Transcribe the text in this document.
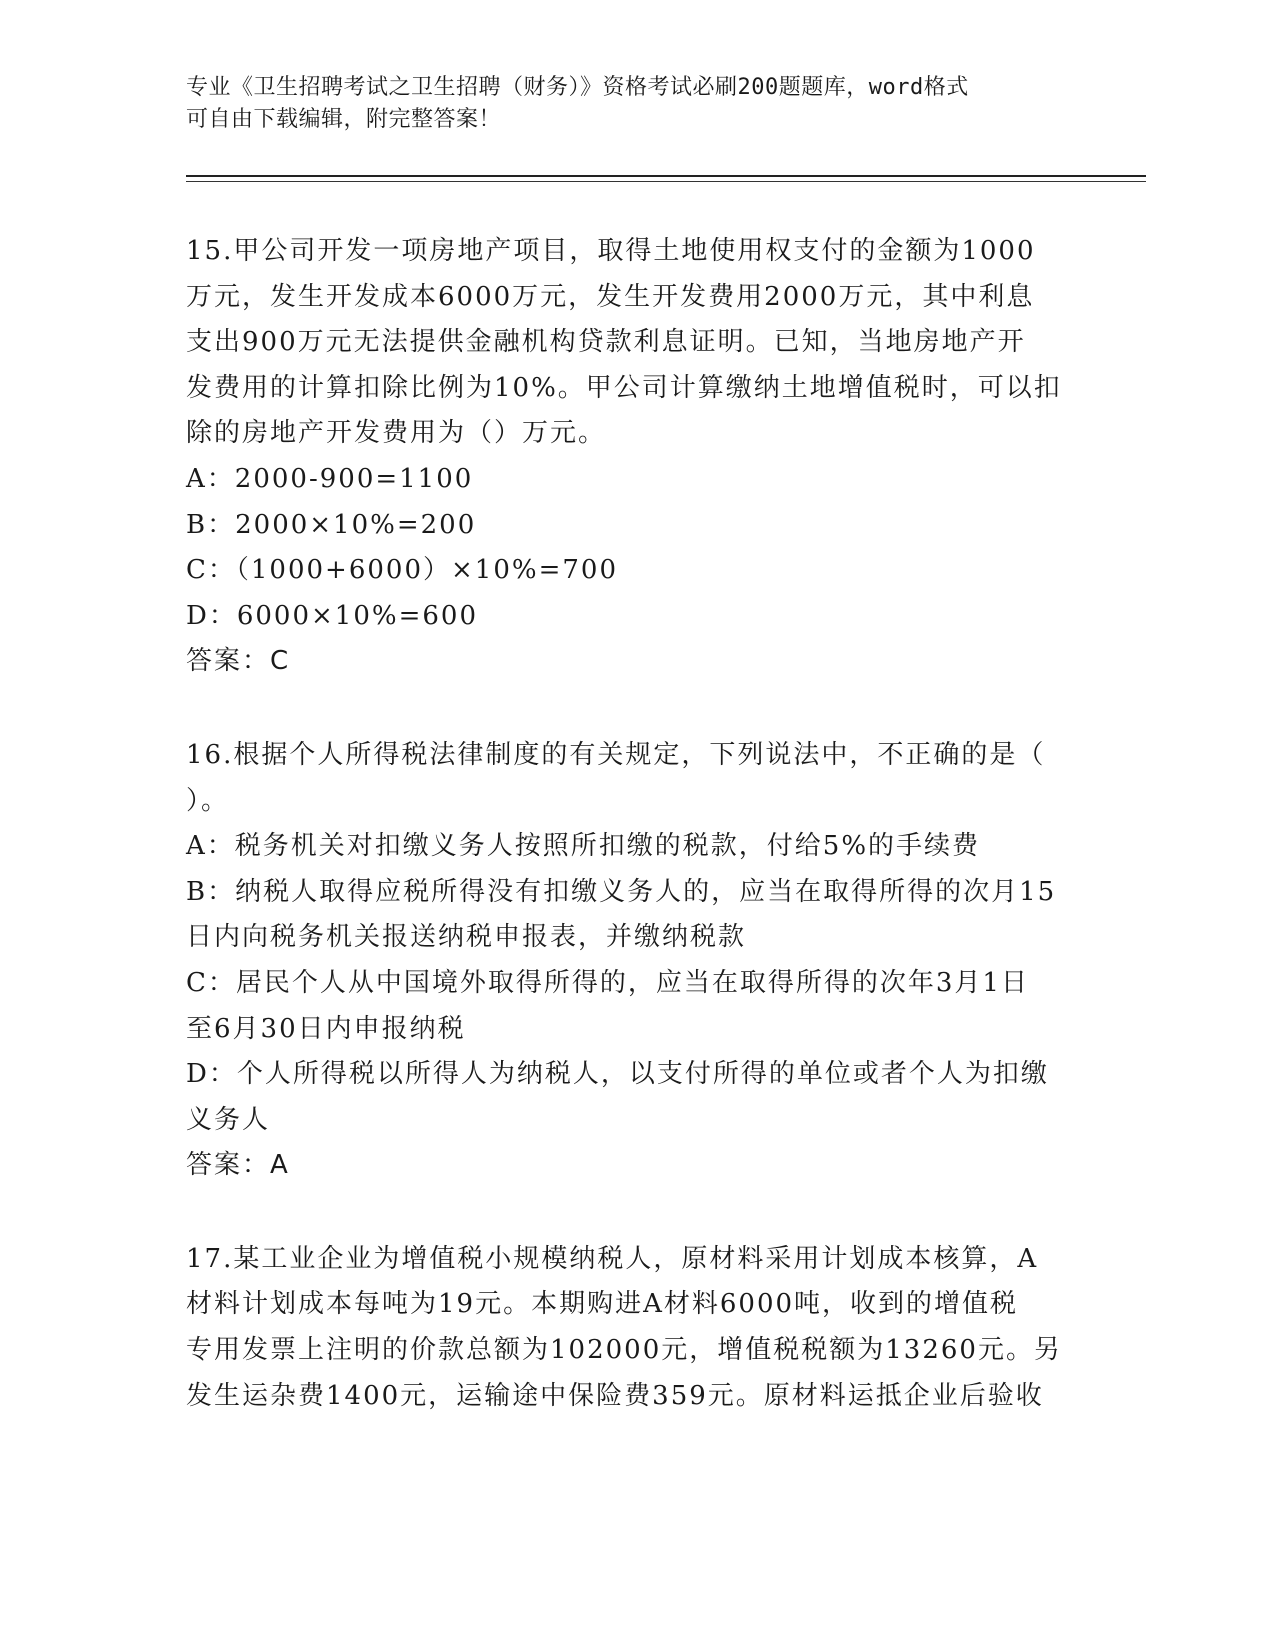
专业《卫生招聘考试之卫生招聘（财务）》资格考试必刷200题题库，word格式
可自由下载编辑，附完整答案！
15.甲公司开发一项房地产项目，取得土地使用权支付的金额为1000
万元，发生开发成本6000万元，发生开发费用2000万元，其中利息
支出900万元无法提供金融机构贷款利息证明。已知，当地房地产开
发费用的计算扣除比例为10%。甲公司计算缴纳土地增值税时，可以扣
除的房地产开发费用为（）万元。
A：2000-900=1100
B：2000×10%=200
C：（1000+6000）×10%=700
D：6000×10%=600
答案：C
16.根据个人所得税法律制度的有关规定，下列说法中，不正确的是（
）。
A：税务机关对扣缴义务人按照所扣缴的税款，付给5%的手续费
B：纳税人取得应税所得没有扣缴义务人的，应当在取得所得的次月15
日内向税务机关报送纳税申报表，并缴纳税款
C：居民个人从中国境外取得所得的，应当在取得所得的次年3月1日
至6月30日内申报纳税
D：个人所得税以所得人为纳税人，以支付所得的单位或者个人为扣缴
义务人
答案：A
17.某工业企业为增值税小规模纳税人，原材料采用计划成本核算，A
材料计划成本每吨为19元。本期购进A材料6000吨，收到的增值税
专用发票上注明的价款总额为102000元，增值税税额为13260元。另
发生运杂费1400元，运输途中保险费359元。原材料运抵企业后验收
